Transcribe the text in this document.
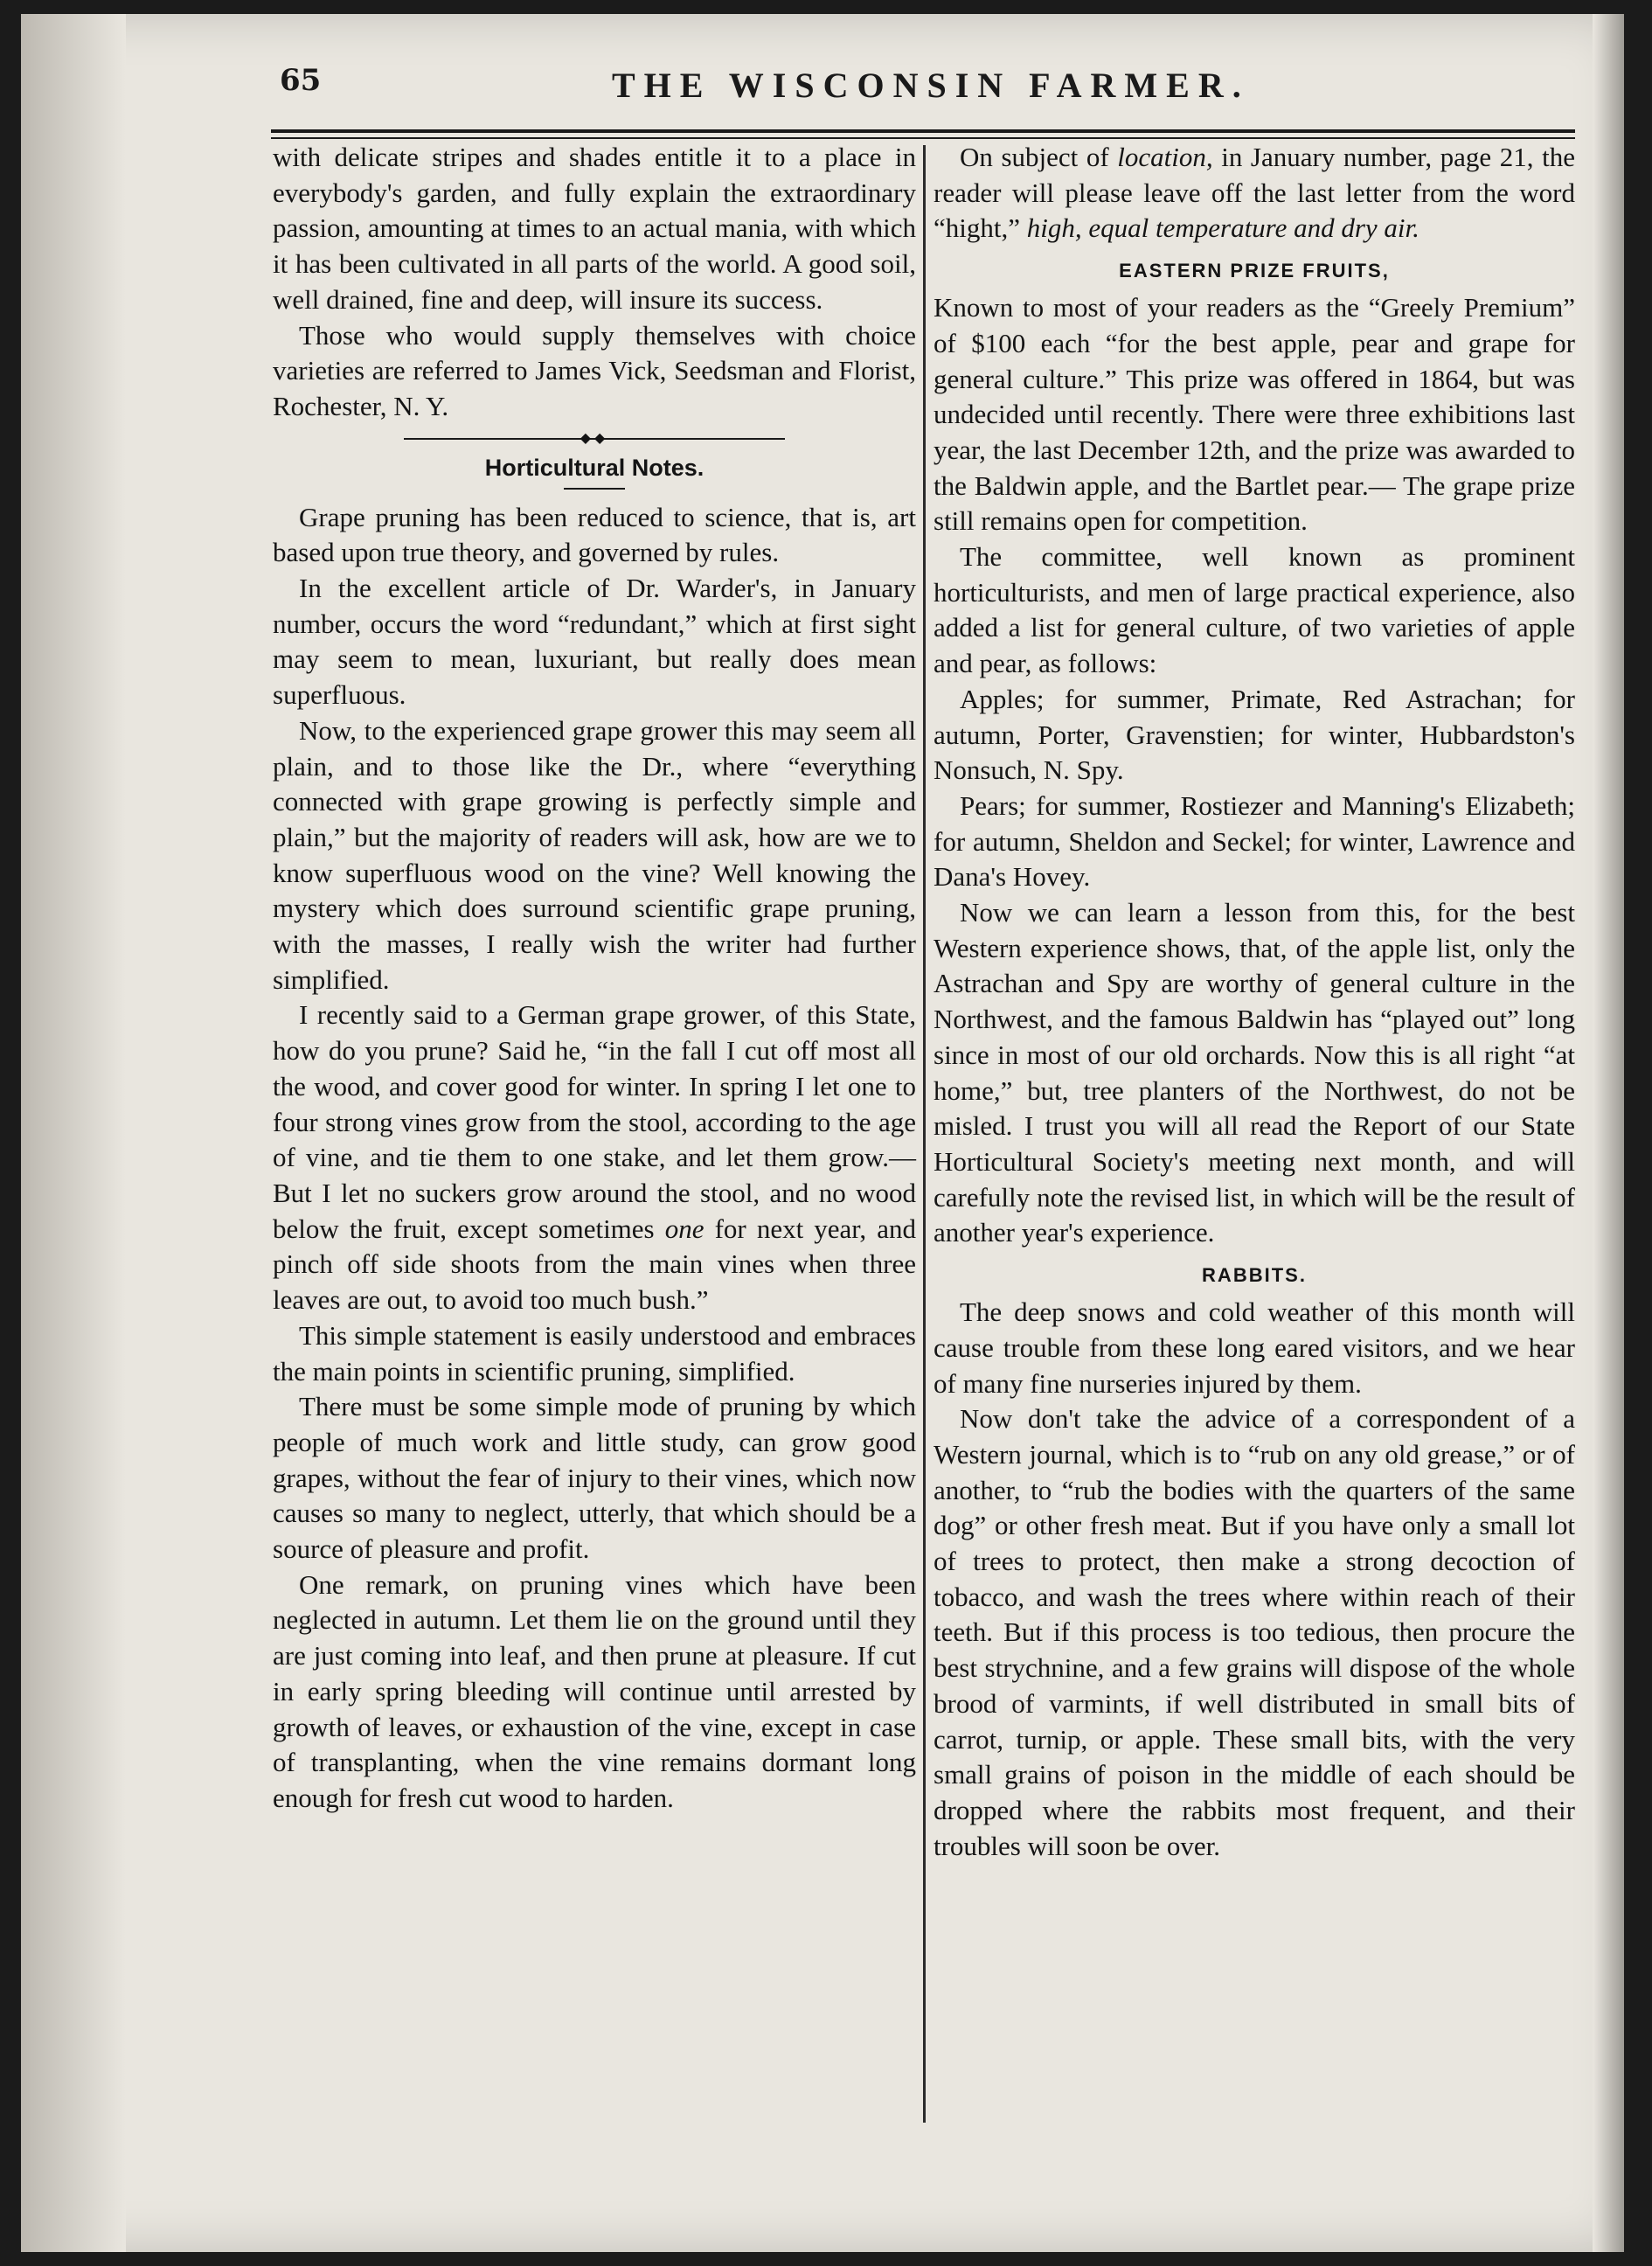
65	THE WISCONSIN FARMER.

with delicate stripes and shades entitle it to a place in everybody's garden, and fully explain the extraordinary passion, amounting at times to an actual mania, with which it has been cultivated in all parts of the world. A good soil, well drained, fine and deep, will insure its success.

Those who would supply themselves with choice varieties are referred to James Vick, Seedsman and Florist, Rochester, N. Y.

◆◆
Horticultural Notes.

Grape pruning has been reduced to science, that is, art based upon true theory, and governed by rules.

In the excellent article of Dr. Warder's, in January number, occurs the word “redundant,” which at first sight may seem to mean, luxuriant, but really does mean superfluous.

Now, to the experienced grape grower this may seem all plain, and to those like the Dr., where “everything connected with grape growing is perfectly simple and plain,” but the majority of readers will ask, how are we to know superfluous wood on the vine? Well knowing the mystery which does surround scientific grape pruning, with the masses, I really wish the writer had further simplified.

I recently said to a German grape grower, of this State, how do you prune? Said he, “in the fall I cut off most all the wood, and cover good for winter. In spring I let one to four strong vines grow from the stool, according to the age of vine, and tie them to one stake, and let them grow.— But I let no suckers grow around the stool, and no wood below the fruit, except sometimes one for next year, and pinch off side shoots from the main vines when three leaves are out, to avoid too much bush.”

This simple statement is easily understood and embraces the main points in scientific pruning, simplified.

There must be some simple mode of pruning by which people of much work and little study, can grow good grapes, without the fear of injury to their vines, which now causes so many to neglect, utterly, that which should be a source of pleasure and profit.

One remark, on pruning vines which have been neglected in autumn. Let them lie on the ground until they are just coming into leaf, and then prune at pleasure. If cut in early spring bleeding will continue until arrested by growth of leaves, or exhaustion of the vine, except in case of transplanting, when the vine remains dormant long enough for fresh cut wood to harden.

On subject of location, in January number, page 21, the reader will please leave off the last letter from the word “hight,” high, equal temperature and dry air.

EASTERN PRIZE FRUITS,

Known to most of your readers as the “Greely Premium” of $100 each “for the best apple, pear and grape for general culture.” This prize was offered in 1864, but was undecided until recently. There were three exhibitions last year, the last December 12th, and the prize was awarded to the Baldwin apple, and the Bartlet pear.— The grape prize still remains open for competition.

The committee, well known as prominent horticulturists, and men of large practical experience, also added a list for general culture, of two varieties of apple and pear, as follows:

Apples; for summer, Primate, Red Astrachan; for autumn, Porter, Gravenstien; for winter, Hubbardston's Nonsuch, N. Spy.

Pears; for summer, Rostiezer and Manning's Elizabeth; for autumn, Sheldon and Seckel; for winter, Lawrence and Dana's Hovey.

Now we can learn a lesson from this, for the best Western experience shows, that, of the apple list, only the Astrachan and Spy are worthy of general culture in the Northwest, and the famous Baldwin has “played out” long since in most of our old orchards. Now this is all right “at home,” but, tree planters of the Northwest, do not be misled. I trust you will all read the Report of our State Horticultural Society's meeting next month, and will carefully note the revised list, in which will be the result of another year's experience.

RABBITS.

The deep snows and cold weather of this month will cause trouble from these long eared visitors, and we hear of many fine nurseries injured by them.

Now don't take the advice of a correspondent of a Western journal, which is to “rub on any old grease,” or of another, to “rub the bodies with the quarters of the same dog” or other fresh meat. But if you have only a small lot of trees to protect, then make a strong decoction of tobacco, and wash the trees where within reach of their teeth. But if this process is too tedious, then procure the best strychnine, and a few grains will dispose of the whole brood of varmints, if well distributed in small bits of carrot, turnip, or apple. These small bits, with the very small grains of poison in the middle of each should be dropped where the rabbits most frequent, and their troubles will soon be over.
